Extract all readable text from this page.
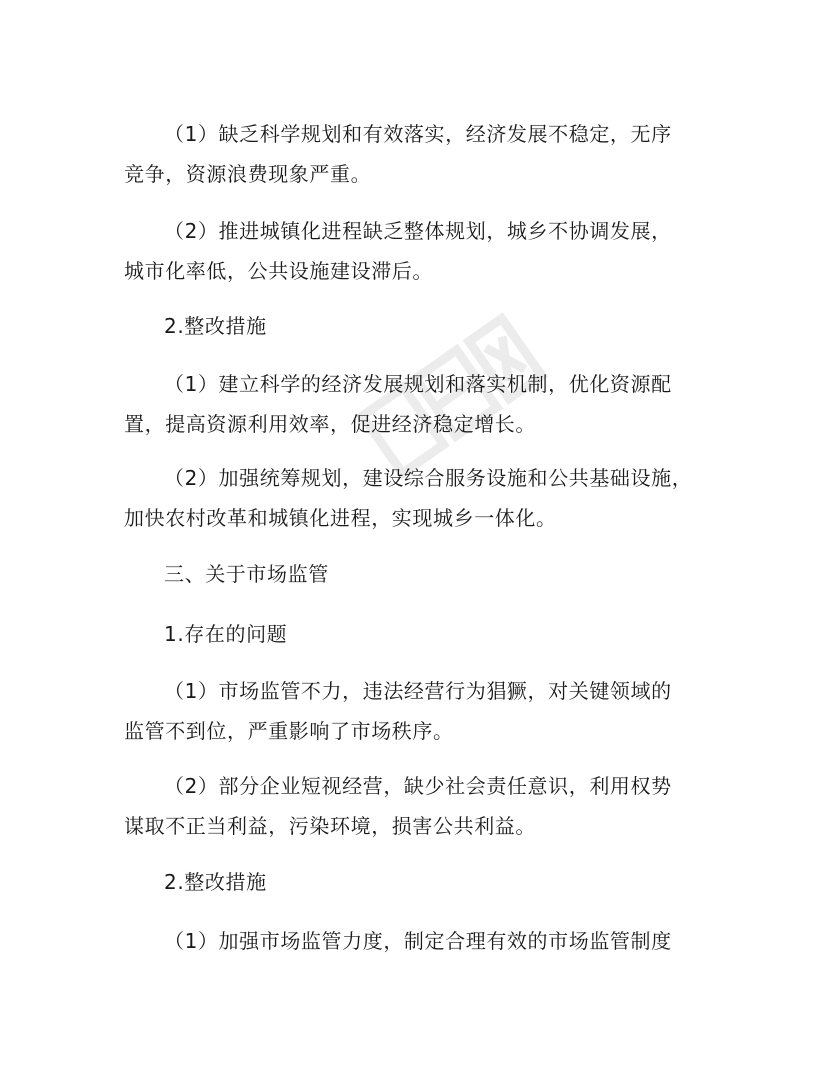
（1）缺乏科学规划和有效落实，经济发展不稳定，无序
竞争，资源浪费现象严重。

（2）推进城镇化进程缺乏整体规划，城乡不协调发展，
城市化率低，公共设施建设滞后。

2.整改措施

（1）建立科学的经济发展规划和落实机制，优化资源配
置，提高资源利用效率，促进经济稳定增长。

（2）加强统筹规划，建设综合服务设施和公共基础设施，
加快农村改革和城镇化进程，实现城乡一体化。

三、关于市场监管

1.存在的问题

（1）市场监管不力，违法经营行为猖獗，对关键领域的
监管不到位，严重影响了市场秩序。

（2）部分企业短视经营，缺少社会责任意识，利用权势
谋取不正当利益，污染环境，损害公共利益。

2.整改措施

（1）加强市场监管力度，制定合理有效的市场监管制度
